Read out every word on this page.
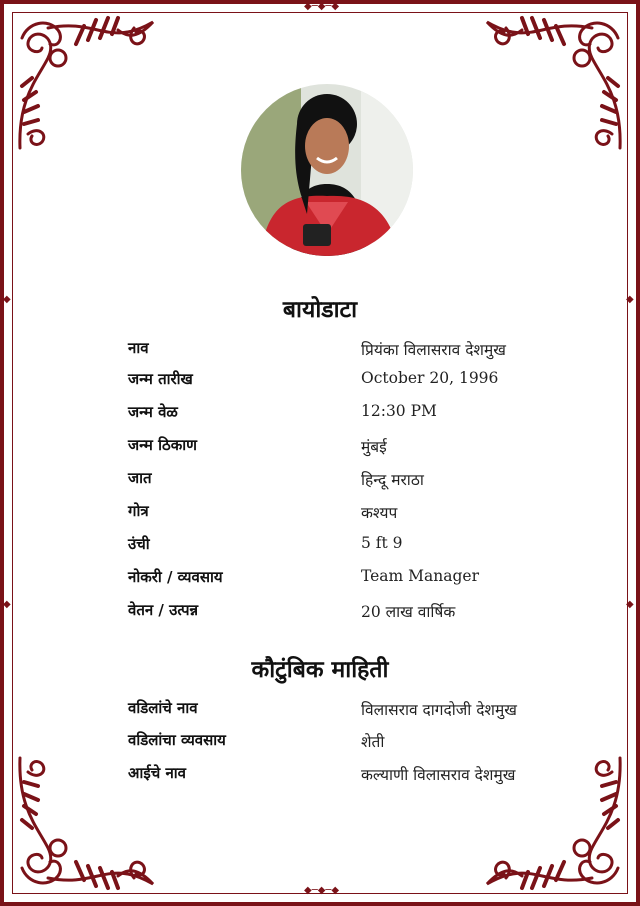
◆─◆─◆
◆─◆─◆
◆
◆
◆
◆
बायोडाटा
नाव	प्रियंका विलासराव देशमुख
जन्म तारीख	October 20, 1996
जन्म वेळ	12:30 PM
जन्म ठिकाण	मुंबई
जात	हिन्दू मराठा
गोत्र	कश्यप
उंची	5 ft 9
नोकरी / व्यवसाय	Team Manager
वेतन / उत्पन्न	20 लाख वार्षिक
कौटुंबिक माहिती
वडिलांचे नाव	विलासराव दागदोजी देशमुख
वडिलांचा व्यवसाय	शेती
आईचे नाव	कल्याणी विलासराव देशमुख
